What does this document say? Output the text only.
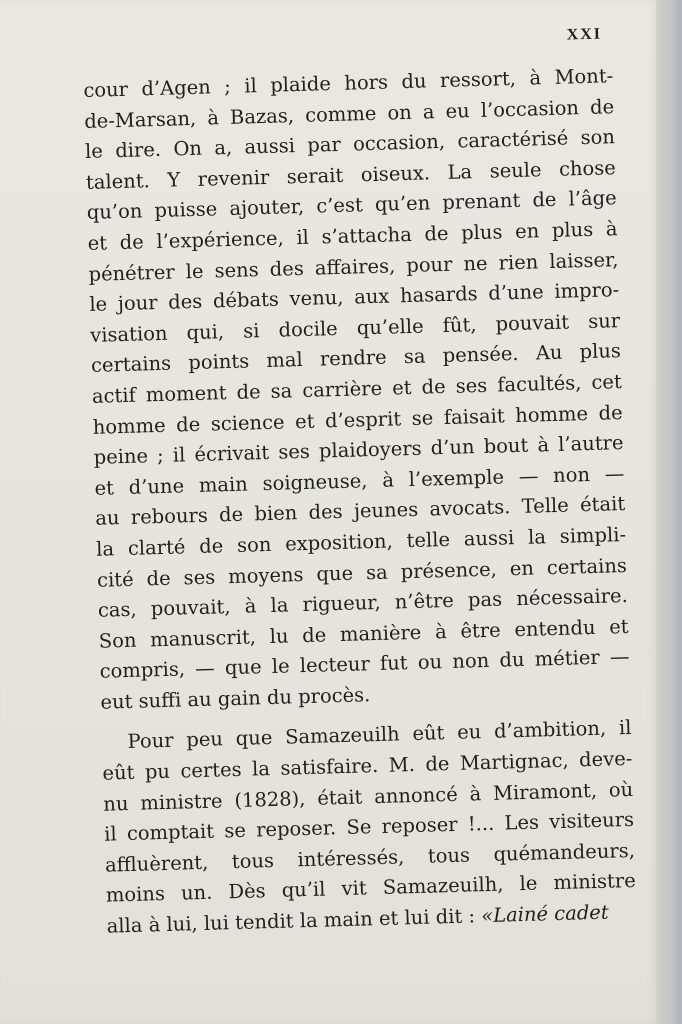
XXI
cour d’Agen ; il plaide hors du ressort, à Mont-
de-Marsan, à Bazas, comme on a eu l’occasion de
le dire. On a, aussi par occasion, caractérisé son
talent. Y revenir serait oiseux. La seule chose
qu’on puisse ajouter, c’est qu’en prenant de l’âge
et de l’expérience, il s’attacha de plus en plus à
pénétrer le sens des affaires, pour ne rien laisser,
le jour des débats venu, aux hasards d’une impro-
visation qui, si docile qu’elle fût, pouvait sur
certains points mal rendre sa pensée. Au plus
actif moment de sa carrière et de ses facultés, cet
homme de science et d’esprit se faisait homme de
peine ; il écrivait ses plaidoyers d’un bout à l’autre
et d’une main soigneuse, à l’exemple — non —
au rebours de bien des jeunes avocats. Telle était
la clarté de son exposition, telle aussi la simpli-
cité de ses moyens que sa présence, en certains
cas, pouvait, à la rigueur, n’être pas nécessaire.
Son manuscrit, lu de manière à être entendu et
compris, — que le lecteur fut ou non du métier —
eut suffi au gain du procès.
Pour peu que Samazeuilh eût eu d’ambition, il
eût pu certes la satisfaire. M. de Martignac, deve-
nu ministre (1828), était annoncé à Miramont, où
il comptait se reposer. Se reposer !... Les visiteurs
affluèrent, tous intéressés, tous quémandeurs,
moins un. Dès qu’il vit Samazeuilh, le ministre
alla à lui, lui tendit la main et lui dit : «Lainé cadet
